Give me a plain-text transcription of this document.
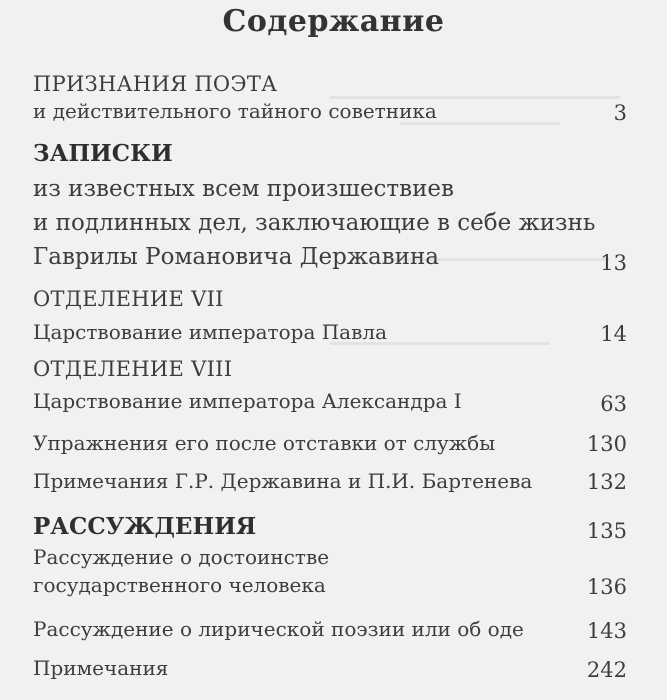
Содержание
ПРИЗНАНИЯ ПОЭТА
и действительного тайного советника	3
ЗАПИСКИ
из известных всем произшествиев
и подлинных дел, заключающие в себе жизнь
Гаврилы Романовича Державина	13
ОТДЕЛЕНИЕ VII
Царствование императора Павла	14
ОТДЕЛЕНИЕ VIII
Царствование императора Александра I	63
Упражнения его после отставки от службы	130
Примечания Г.Р. Державина и П.И. Бартенева	132
РАССУЖДЕНИЯ	135
Рассуждение о достоинстве
государственного человека	136
Рассуждение о лирической поэзии или об оде	143
Примечания	242
